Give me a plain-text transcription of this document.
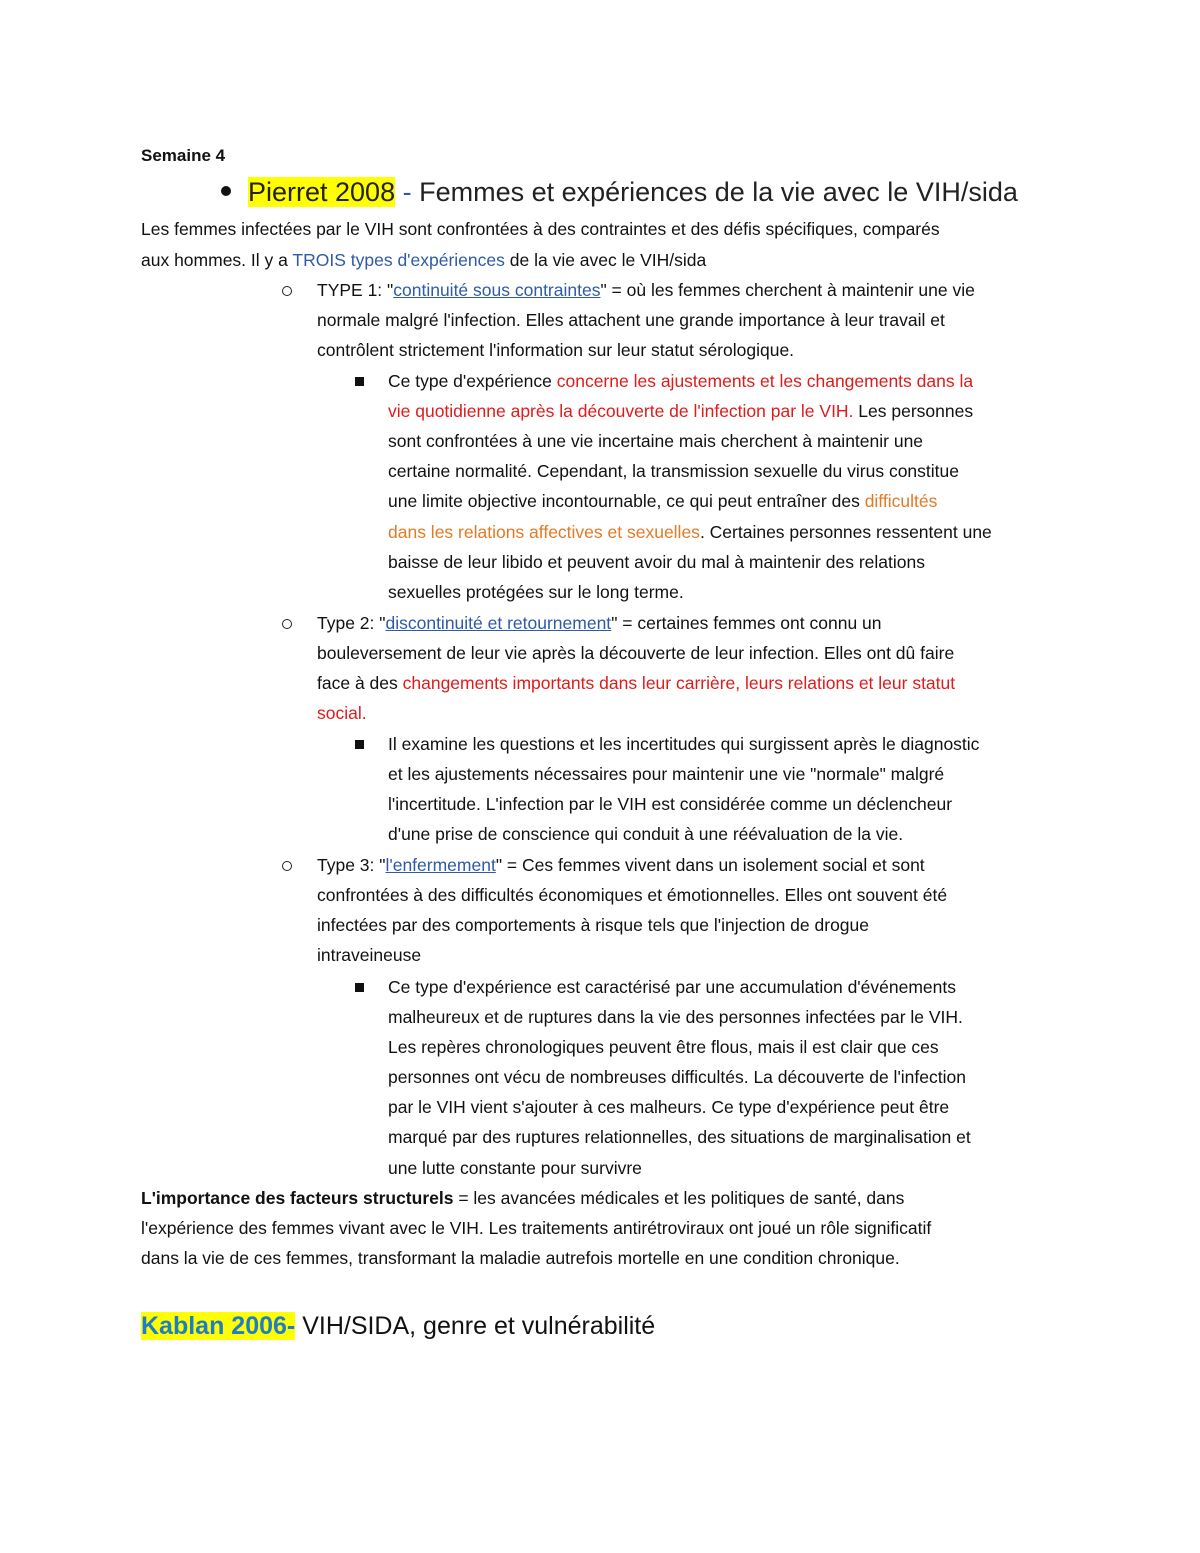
Semaine 4
Pierret 2008 - Femmes et expériences de la vie avec le VIH/sida
Les femmes infectées par le VIH sont confrontées à des contraintes et des défis spécifiques, comparés
aux hommes. Il y a TROIS types d'expériences de la vie avec le VIH/sida
TYPE 1: "continuité sous contraintes" = où les femmes cherchent à maintenir une vie
normale malgré l'infection. Elles attachent une grande importance à leur travail et
contrôlent strictement l'information sur leur statut sérologique.
Ce type d'expérience concerne les ajustements et les changements dans la
vie quotidienne après la découverte de l'infection par le VIH. Les personnes
sont confrontées à une vie incertaine mais cherchent à maintenir une
certaine normalité. Cependant, la transmission sexuelle du virus constitue
une limite objective incontournable, ce qui peut entraîner des difficultés
dans les relations affectives et sexuelles. Certaines personnes ressentent une
baisse de leur libido et peuvent avoir du mal à maintenir des relations
sexuelles protégées sur le long terme.
Type 2: "discontinuité et retournement" = certaines femmes ont connu un
bouleversement de leur vie après la découverte de leur infection. Elles ont dû faire
face à des changements importants dans leur carrière, leurs relations et leur statut
social.
Il examine les questions et les incertitudes qui surgissent après le diagnostic
et les ajustements nécessaires pour maintenir une vie "normale" malgré
l'incertitude. L'infection par le VIH est considérée comme un déclencheur
d'une prise de conscience qui conduit à une réévaluation de la vie.
Type 3: "l'enfermement" = Ces femmes vivent dans un isolement social et sont
confrontées à des difficultés économiques et émotionnelles. Elles ont souvent été
infectées par des comportements à risque tels que l'injection de drogue
intraveineuse
Ce type d'expérience est caractérisé par une accumulation d'événements
malheureux et de ruptures dans la vie des personnes infectées par le VIH.
Les repères chronologiques peuvent être flous, mais il est clair que ces
personnes ont vécu de nombreuses difficultés. La découverte de l'infection
par le VIH vient s'ajouter à ces malheurs. Ce type d'expérience peut être
marqué par des ruptures relationnelles, des situations de marginalisation et
une lutte constante pour survivre
L'importance des facteurs structurels = les avancées médicales et les politiques de santé, dans
l'expérience des femmes vivant avec le VIH. Les traitements antirétroviraux ont joué un rôle significatif
dans la vie de ces femmes, transformant la maladie autrefois mortelle en une condition chronique.
Kablan 2006- VIH/SIDA, genre et vulnérabilité
